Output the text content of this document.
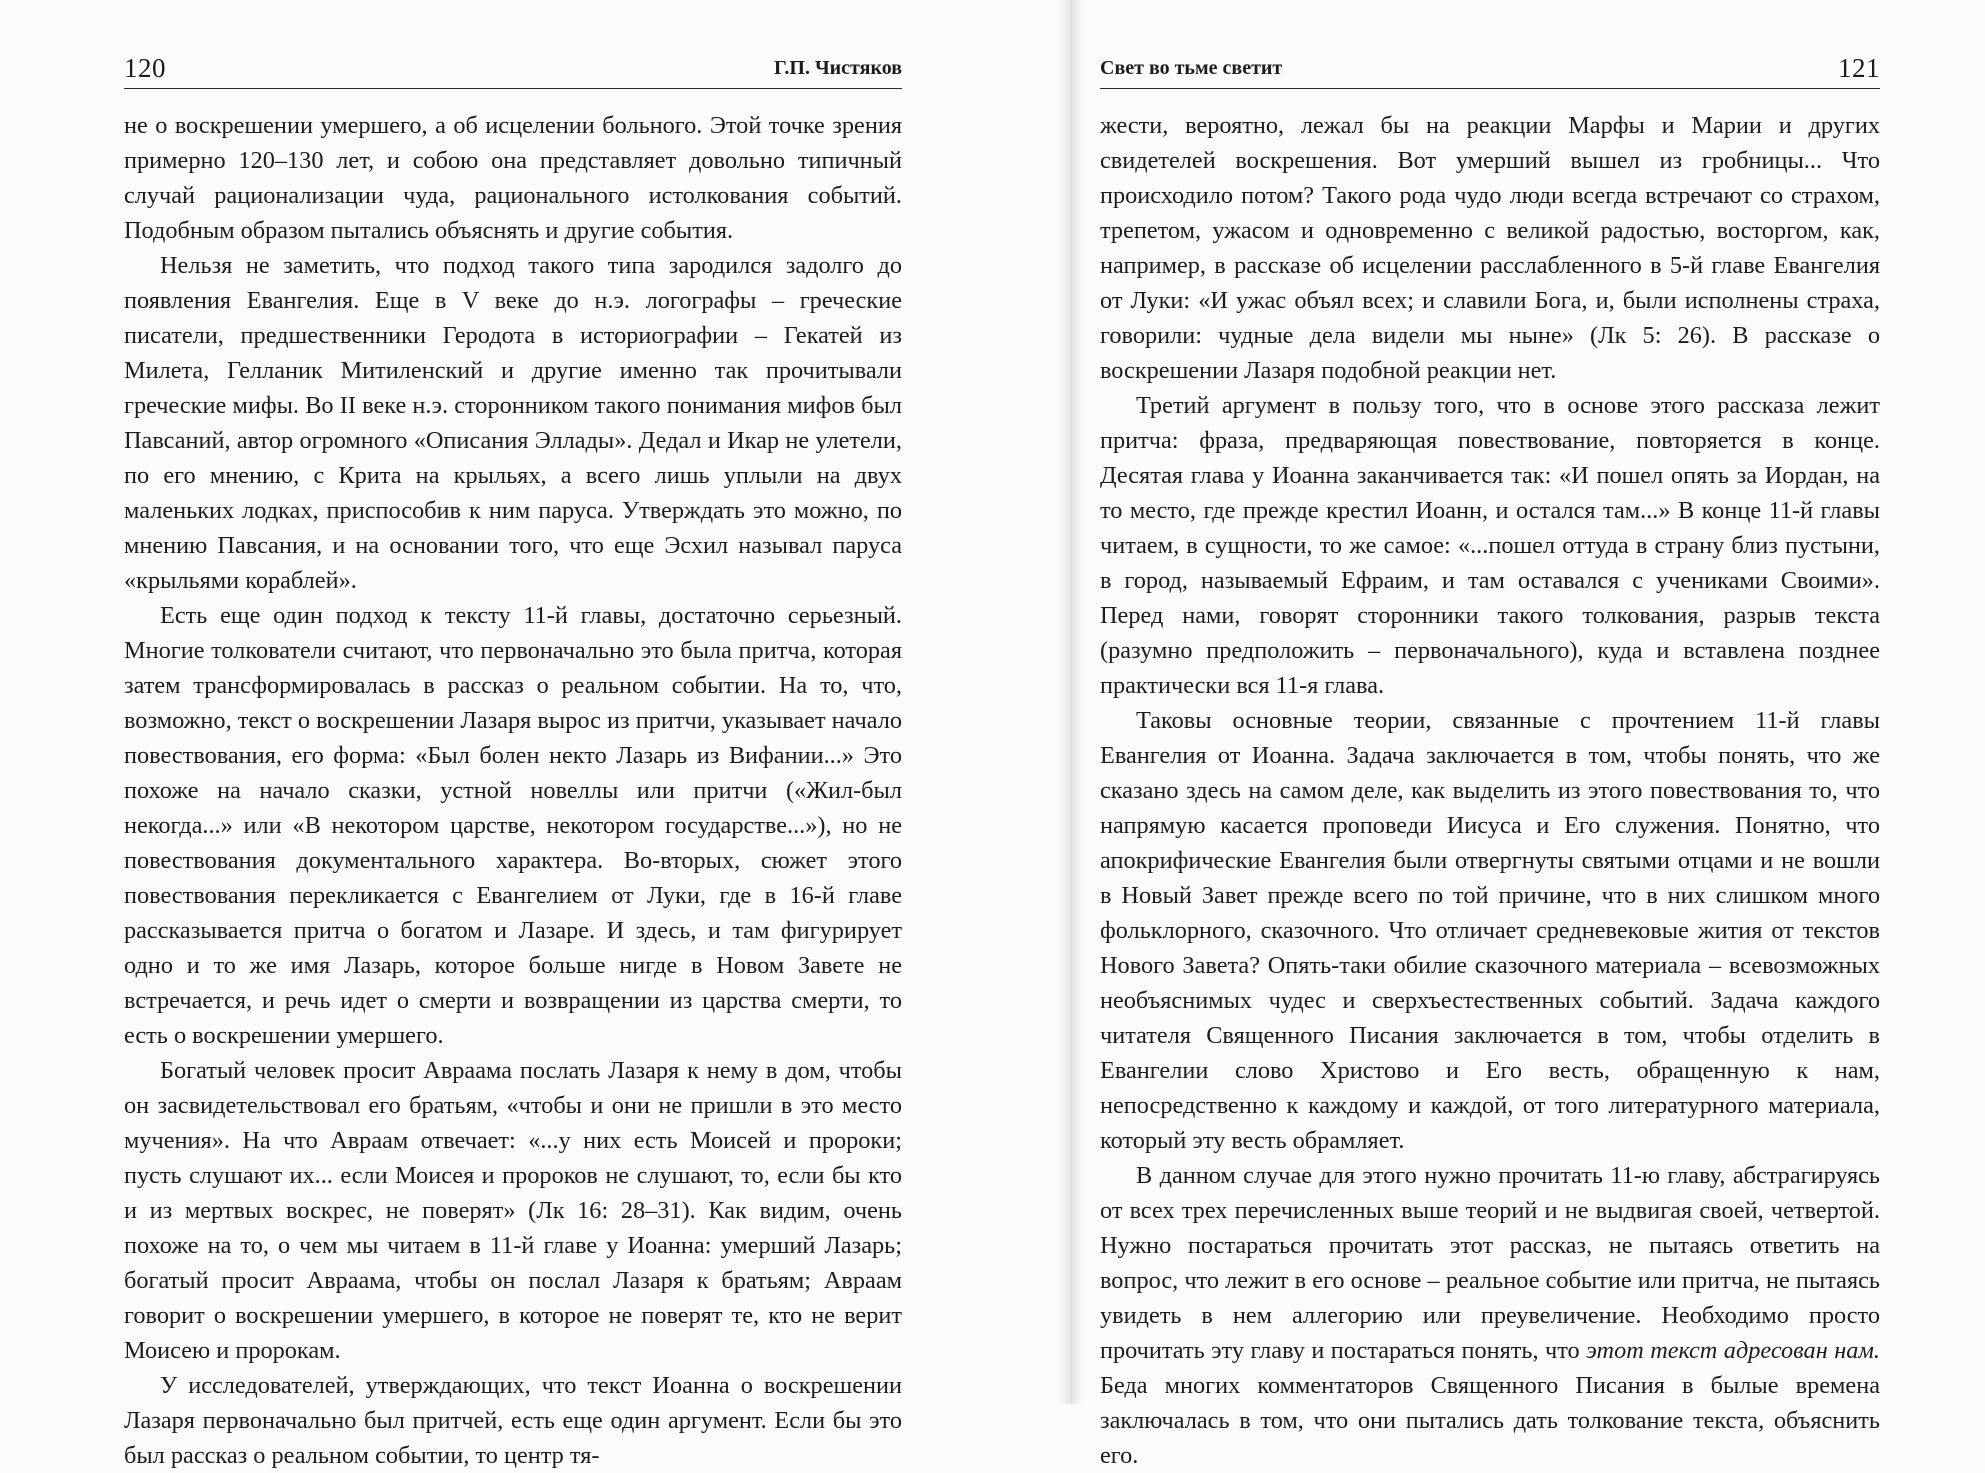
120	Г.П. Чистяков

не о воскрешении умершего, а об исцелении больного. Этой точке зрения примерно 120–130 лет, и собою она представляет довольно типичный случай рационализации чуда, рационального истолкования событий. Подобным образом пытались объяснять и другие события.

Нельзя не заметить, что подход такого типа зародился задолго до появления Евангелия. Еще в V веке до н.э. логографы – греческие писатели, предшественники Геродота в историографии – Гекатей из Милета, Гелланик Митиленский и другие именно так прочитывали греческие мифы. Во II веке н.э. сторонником такого понимания мифов был Павсаний, автор огромного «Описания Эллады». Дедал и Икар не улетели, по его мнению, с Крита на крыльях, а всего лишь уплыли на двух маленьких лодках, приспособив к ним паруса. Утверждать это можно, по мнению Павсания, и на основании того, что еще Эсхил называл паруса «крыльями кораблей».

Есть еще один подход к тексту 11-й главы, достаточно серьезный. Многие толкователи считают, что первоначально это была притча, которая затем трансформировалась в рассказ о реальном событии. На то, что, возможно, текст о воскрешении Лазаря вырос из притчи, указывает начало повествования, его форма: «Был болен некто Лазарь из Вифании...» Это похоже на начало сказки, устной новеллы или притчи («Жил-был некогда...» или «В некотором царстве, некотором государстве...»), но не повествования документального характера. Во-вторых, сюжет этого повествования перекликается с Евангелием от Луки, где в 16-й главе рассказывается притча о богатом и Лазаре. И здесь, и там фигурирует одно и то же имя Лазарь, которое больше нигде в Новом Завете не встречается, и речь идет о смерти и возвращении из царства смерти, то есть о воскрешении умершего.

Богатый человек просит Авраама послать Лазаря к нему в дом, чтобы он засвидетельствовал его братьям, «чтобы и они не пришли в это место мучения». На что Авраам отвечает: «...у них есть Моисей и пророки; пусть слушают их... если Моисея и пророков не слушают, то, если бы кто и из мертвых воскрес, не поверят» (Лк 16: 28–31). Как видим, очень похоже на то, о чем мы читаем в 11-й главе у Иоанна: умерший Лазарь; богатый просит Авраама, чтобы он послал Лазаря к братьям; Авраам говорит о воскрешении умершего, в которое не поверят те, кто не верит Моисею и пророкам.

У исследователей, утверждающих, что текст Иоанна о воскрешении Лазаря первоначально был притчей, есть еще один аргумент. Если бы это был рассказ о реальном событии, то центр тя-

Свет во тьме светит	121

жести, вероятно, лежал бы на реакции Марфы и Марии и других свидетелей воскрешения. Вот умерший вышел из гробницы... Что происходило потом? Такого рода чудо люди всегда встречают со страхом, трепетом, ужасом и одновременно с великой радостью, восторгом, как, например, в рассказе об исцелении расслабленного в 5-й главе Евангелия от Луки: «И ужас объял всех; и славили Бога, и, были исполнены страха, говорили: чудные дела видели мы ныне» (Лк 5: 26). В рассказе о воскрешении Лазаря подобной реакции нет.

Третий аргумент в пользу того, что в основе этого рассказа лежит притча: фраза, предваряющая повествование, повторяется в конце. Десятая глава у Иоанна заканчивается так: «И пошел опять за Иордан, на то место, где прежде крестил Иоанн, и остался там...» В конце 11-й главы читаем, в сущности, то же самое: «...пошел оттуда в страну близ пустыни, в город, называемый Ефраим, и там оставался с учениками Своими». Перед нами, говорят сторонники такого толкования, разрыв текста (разумно предположить – первоначального), куда и вставлена позднее практически вся 11-я глава.

Таковы основные теории, связанные с прочтением 11-й главы Евангелия от Иоанна. Задача заключается в том, чтобы понять, что же сказано здесь на самом деле, как выделить из этого повествования то, что напрямую касается проповеди Иисуса и Его служения. Понятно, что апокрифические Евангелия были отвергнуты святыми отцами и не вошли в Новый Завет прежде всего по той причине, что в них слишком много фольклорного, сказочного. Что отличает средневековые жития от текстов Нового Завета? Опять-таки обилие сказочного материала – всевозможных необъяснимых чудес и сверхъестественных событий. Задача каждого читателя Священного Писания заключается в том, чтобы отделить в Евангелии слово Христово и Его весть, обращенную к нам, непосредственно к каждому и каждой, от того литературного материала, который эту весть обрамляет.

В данном случае для этого нужно прочитать 11-ю главу, абстрагируясь от всех трех перечисленных выше теорий и не выдвигая своей, четвертой. Нужно постараться прочитать этот рассказ, не пытаясь ответить на вопрос, что лежит в его основе – реальное событие или притча, не пытаясь увидеть в нем аллегорию или преувеличение. Необходимо просто прочитать эту главу и постараться понять, что этот текст адресован нам. Беда многих комментаторов Священного Писания в былые времена заключалась в том, что они пытались дать толкование текста, объяснить его.
